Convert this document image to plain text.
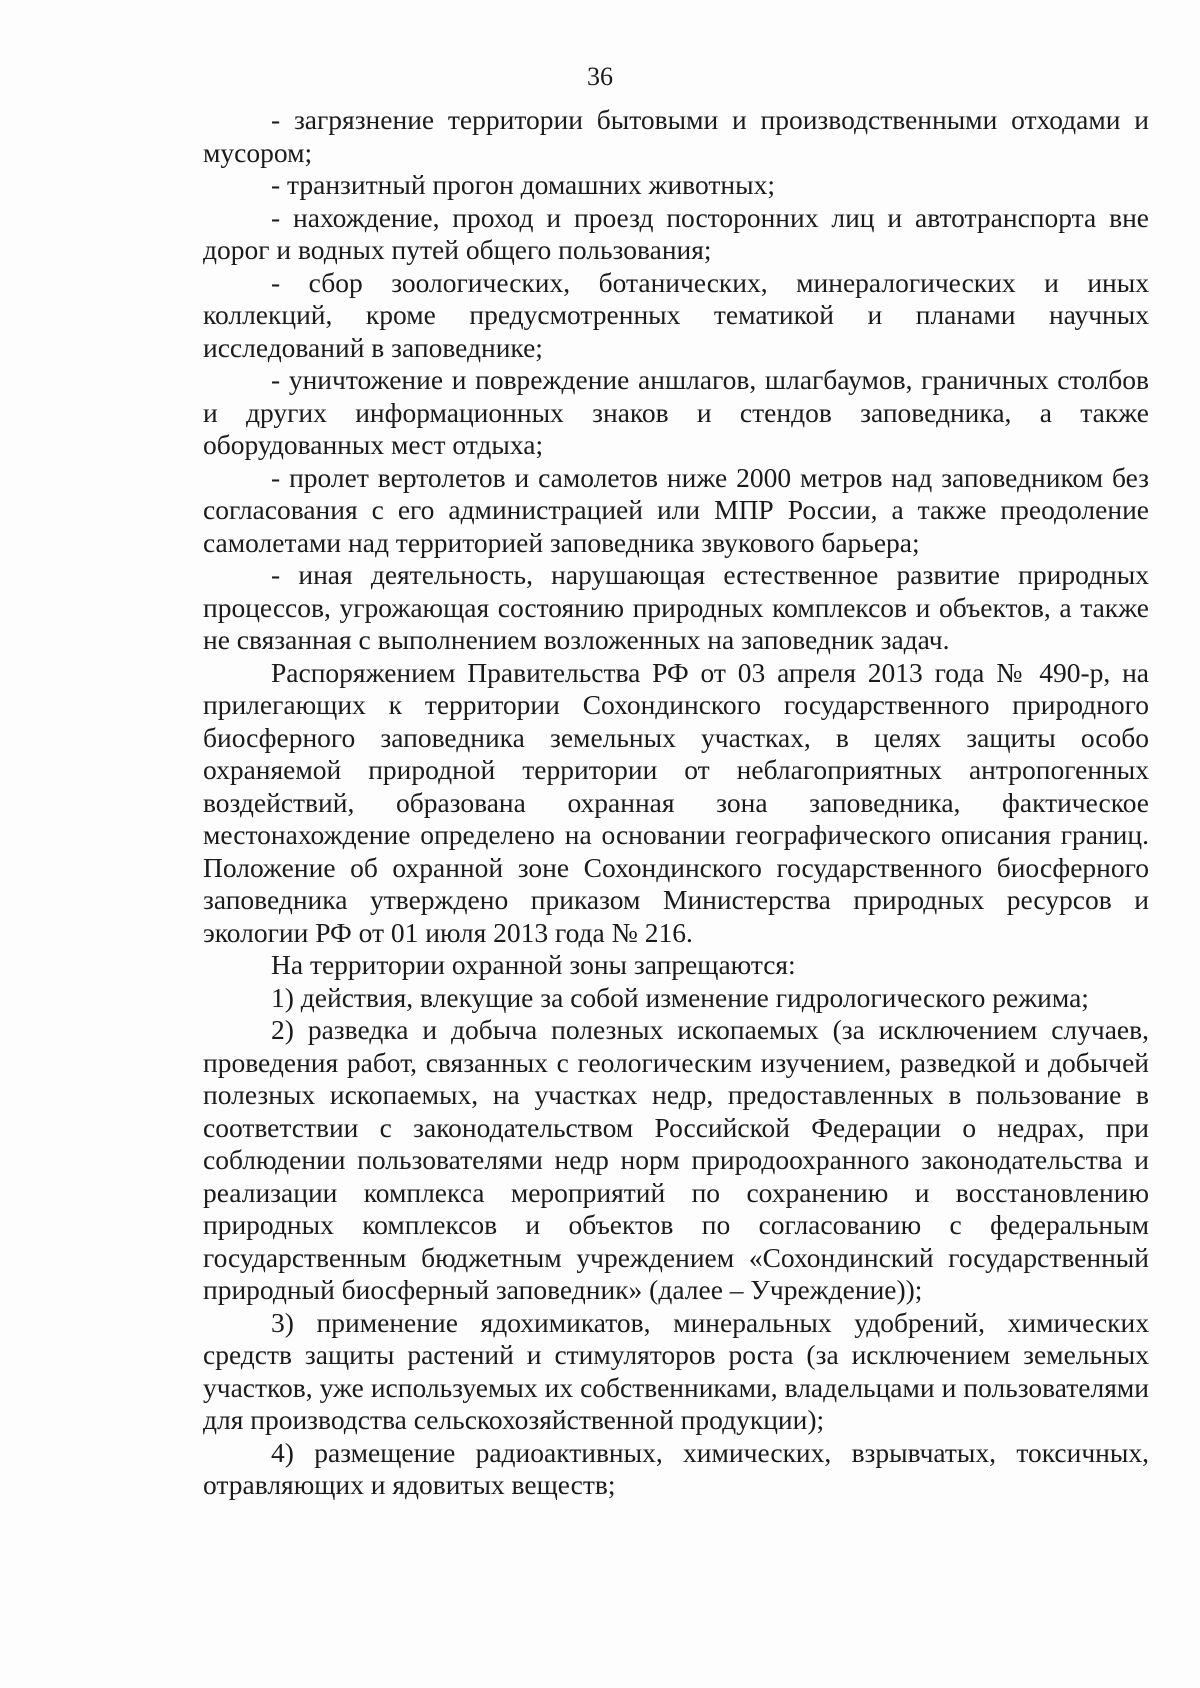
36

- загрязнение территории бытовыми и производственными отходами и мусором;

- транзитный прогон домашних животных;

- нахождение, проход и проезд посторонних лиц и автотранспорта вне дорог и водных путей общего пользования;

- сбор зоологических, ботанических, минералогических и иных коллекций, кроме предусмотренных тематикой и планами научных исследований в заповеднике;

- уничтожение и повреждение аншлагов, шлагбаумов, граничных столбов и других информационных знаков и стендов заповедника, а также оборудованных мест отдыха;

- пролет вертолетов и самолетов ниже 2000 метров над заповедником без согласования с его администрацией или МПР России, а также преодоление самолетами над территорией заповедника звукового барьера;

- иная деятельность, нарушающая естественное развитие природных процессов, угрожающая состоянию природных комплексов и объектов, а также не связанная с выполнением возложенных на заповедник задач.

Распоряжением Правительства РФ от 03 апреля 2013 года № 490-р, на прилегающих к территории Сохондинского государственного природного биосферного заповедника земельных участках, в целях защиты особо охраняемой природной территории от неблагоприятных антропогенных воздействий, образована охранная зона заповедника, фактическое местонахождение определено на основании географического описания границ. Положение об охранной зоне Сохондинского государственного биосферного заповедника утверждено приказом Министерства природных ресурсов и экологии РФ от 01 июля 2013 года № 216.

На территории охранной зоны запрещаются:

1) действия, влекущие за собой изменение гидрологического режима;

2) разведка и добыча полезных ископаемых (за исключением случаев, проведения работ, связанных с геологическим изучением, разведкой и добычей полезных ископаемых, на участках недр, предоставленных в пользование в соответствии с законодательством Российской Федерации о недрах, при соблюдении пользователями недр норм природоохранного законодательства и реализации комплекса мероприятий по сохранению и восстановлению природных комплексов и объектов по согласованию с федеральным государственным бюджетным учреждением «Сохондинский государственный природный биосферный заповедник» (далее – Учреждение));

3) применение ядохимикатов, минеральных удобрений, химических средств защиты растений и стимуляторов роста (за исключением земельных участков, уже используемых их собственниками, владельцами и пользователями для производства сельскохозяйственной продукции);

4) размещение радиоактивных, химических, взрывчатых, токсичных, отравляющих и ядовитых веществ;
